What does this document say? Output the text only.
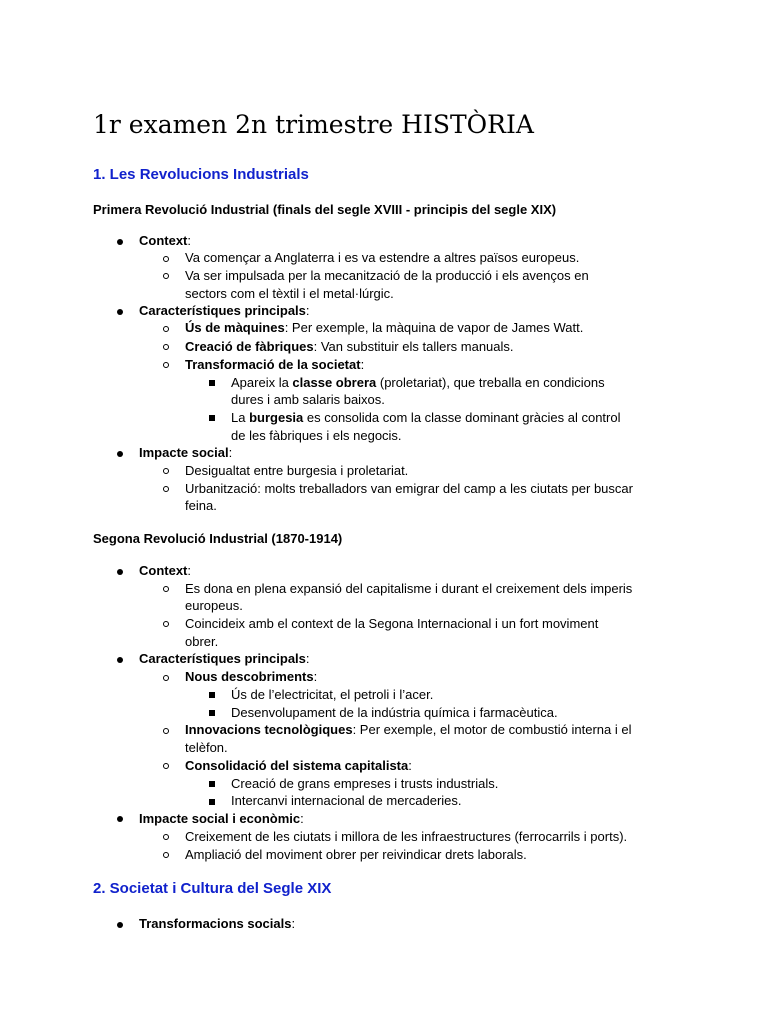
1r examen 2n trimestre HISTÒRIA
1. Les Revolucions Industrials
Primera Revolució Industrial (finals del segle XVIII - principis del segle XIX)
Context:
Va començar a Anglaterra i es va estendre a altres països europeus.
Va ser impulsada per la mecanització de la producció i els avenços en
sectors com el tèxtil i el metal·lúrgic.
Característiques principals:
Ús de màquines: Per exemple, la màquina de vapor de James Watt.
Creació de fàbriques: Van substituir els tallers manuals.
Transformació de la societat:
Apareix la classe obrera (proletariat), que treballa en condicions
dures i amb salaris baixos.
La burgesia es consolida com la classe dominant gràcies al control
de les fàbriques i els negocis.
Impacte social:
Desigualtat entre burgesia i proletariat.
Urbanització: molts treballadors van emigrar del camp a les ciutats per buscar
feina.
Segona Revolució Industrial (1870-1914)
Context:
Es dona en plena expansió del capitalisme i durant el creixement dels imperis
europeus.
Coincideix amb el context de la Segona Internacional i un fort moviment
obrer.
Característiques principals:
Nous descobriments:
Ús de l’electricitat, el petroli i l’acer.
Desenvolupament de la indústria química i farmacèutica.
Innovacions tecnològiques: Per exemple, el motor de combustió interna i el
telèfon.
Consolidació del sistema capitalista:
Creació de grans empreses i trusts industrials.
Intercanvi internacional de mercaderies.
Impacte social i econòmic:
Creixement de les ciutats i millora de les infraestructures (ferrocarrils i ports).
Ampliació del moviment obrer per reivindicar drets laborals.
2. Societat i Cultura del Segle XIX
Transformacions socials:
